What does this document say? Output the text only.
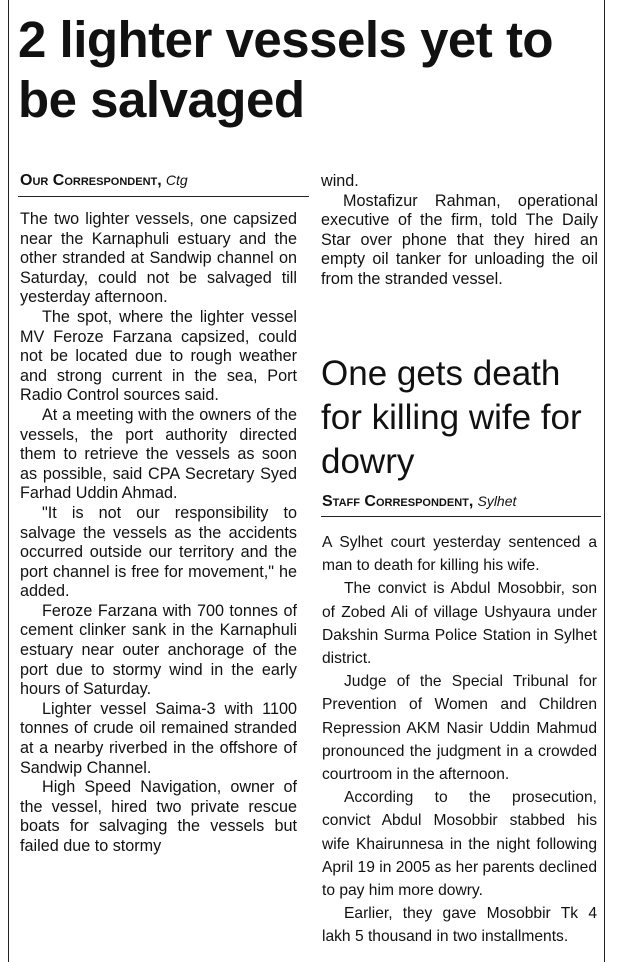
2 lighter vessels yet to be salvaged
Our Correspondent, Ctg

The two lighter vessels, one capsized near the Karnaphuli estuary and the other stranded at Sandwip channel on Saturday, could not be salvaged till yesterday afternoon.

The spot, where the lighter vessel MV Feroze Farzana capsized, could not be located due to rough weather and strong current in the sea, Port Radio Control sources said.

At a meeting with the owners of the vessels, the port authority directed them to retrieve the vessels as soon as possible, said CPA Secretary Syed Farhad Uddin Ahmad.

"It is not our responsibility to salvage the vessels as the accidents occurred outside our territory and the port channel is free for movement," he added.

Feroze Farzana with 700 tonnes of cement clinker sank in the Karnaphuli estuary near outer anchorage of the port due to stormy wind in the early hours of Saturday.

Lighter vessel Saima-3 with 1100 tonnes of crude oil remained stranded at a nearby riverbed in the offshore of Sandwip Channel.

High Speed Navigation, owner of the vessel, hired two private rescue boats for salvaging the vessels but failed due to stormy

wind.

Mostafizur Rahman, operational executive of the firm, told The Daily Star over phone that they hired an empty oil tanker for unloading the oil from the stranded vessel.

One gets death for killing wife for dowry
Staff Correspondent, Sylhet

A Sylhet court yesterday sentenced a man to death for killing his wife.

The convict is Abdul Mosobbir, son of Zobed Ali of village Ushyaura under Dakshin Surma Police Station in Sylhet district.

Judge of the Special Tribunal for Prevention of Women and Children Repression AKM Nasir Uddin Mahmud pronounced the judgment in a crowded courtroom in the afternoon.

According to the prosecution, convict Abdul Mosobbir stabbed his wife Khairunnesa in the night following April 19 in 2005 as her parents declined to pay him more dowry.

Earlier, they gave Mosobbir Tk 4 lakh 5 thousand in two installments.
